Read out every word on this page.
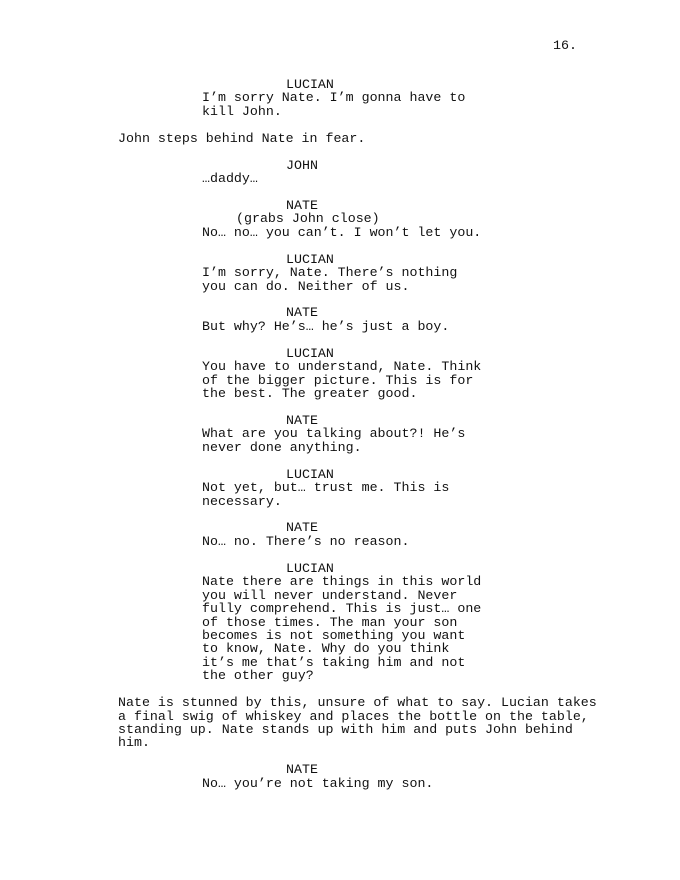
16.
LUCIAN
I’m sorry Nate. I’m gonna have to
kill John.
John steps behind Nate in fear.
JOHN
…daddy…
NATE
(grabs John close)
No… no… you can’t. I won’t let you.
LUCIAN
I’m sorry, Nate. There’s nothing
you can do. Neither of us.
NATE
But why? He’s… he’s just a boy.
LUCIAN
You have to understand, Nate. Think
of the bigger picture. This is for
the best. The greater good.
NATE
What are you talking about?! He’s
never done anything.
LUCIAN
Not yet, but… trust me. This is
necessary.
NATE
No… no. There’s no reason.
LUCIAN
Nate there are things in this world
you will never understand. Never
fully comprehend. This is just… one
of those times. The man your son
becomes is not something you want
to know, Nate. Why do you think
it’s me that’s taking him and not
the other guy?
Nate is stunned by this, unsure of what to say. Lucian takes
a final swig of whiskey and places the bottle on the table,
standing up. Nate stands up with him and puts John behind
him.
NATE
No… you’re not taking my son.
